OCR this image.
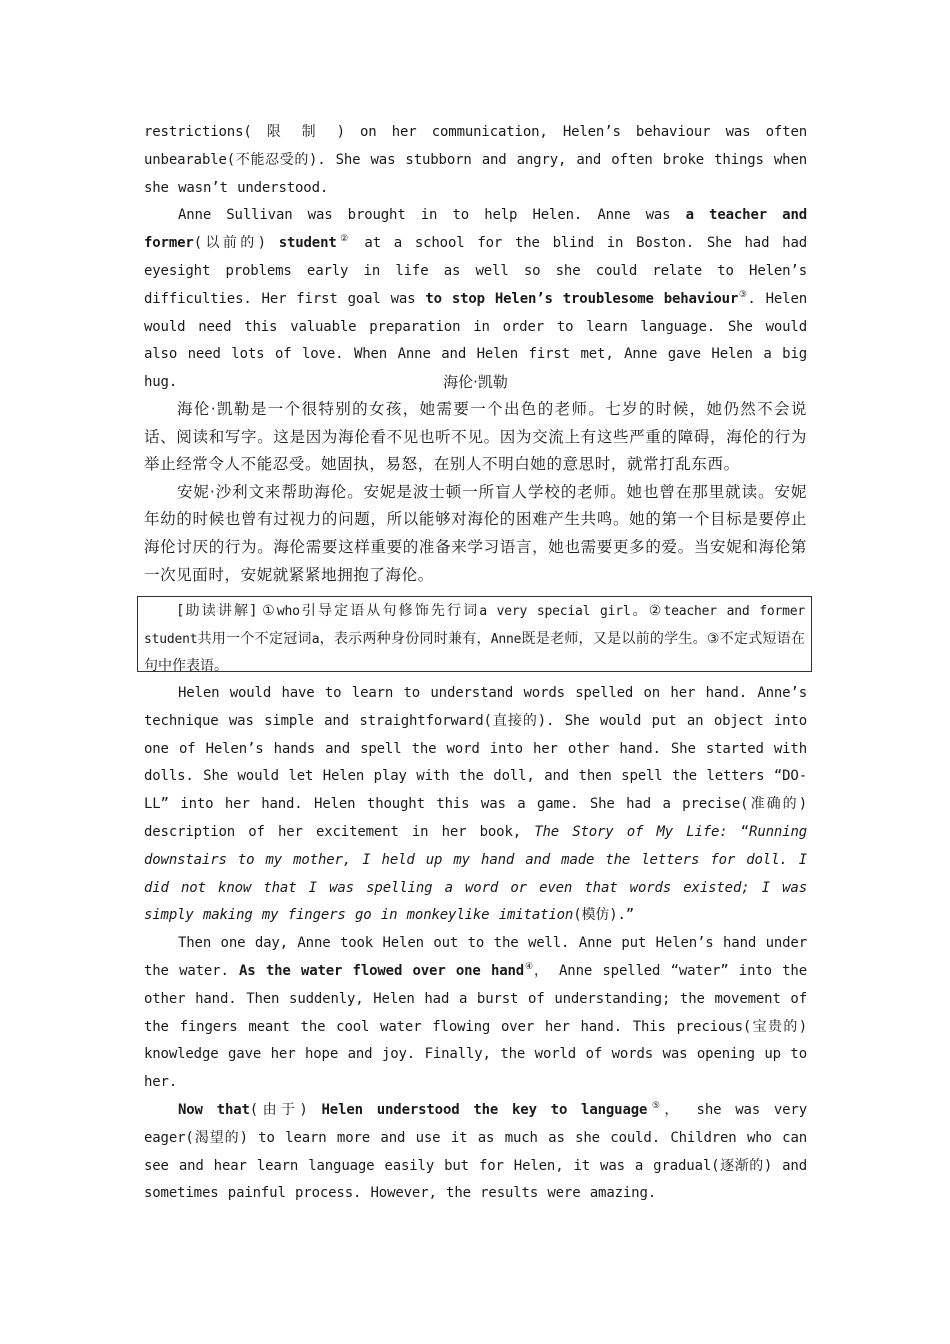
restrictions( 限 制 ) on her communication, Helen’s behaviour was often unbearable(不能忍受的). She was stubborn and angry, and often broke things when she wasn’t understood.

Anne Sullivan was brought in to help Helen. Anne was a teacher and former(以前的) student② at a school for the blind in Boston. She had had eyesight problems early in life as well so she could relate to Helen’s difficulties. Her first goal was to stop Helen’s troublesome behaviour③. Helen would need this valuable preparation in order to learn language. She would also need lots of love. When Anne and Helen first met, Anne gave Helen a big hug.	海伦·凯勒

海伦·凯勒是一个很特别的女孩，她需要一个出色的老师。七岁的时候，她仍然不会说话、阅读和写字。这是因为海伦看不见也听不见。因为交流上有这些严重的障碍，海伦的行为举止经常令人不能忍受。她固执，易怒，在别人不明白她的意思时，就常打乱东西。

安妮·沙利文来帮助海伦。安妮是波士顿一所盲人学校的老师。她也曾在那里就读。安妮年幼的时候也曾有过视力的问题，所以能够对海伦的困难产生共鸣。她的第一个目标是要停止海伦讨厌的行为。海伦需要这样重要的准备来学习语言，她也需要更多的爱。当安妮和海伦第一次见面时，安妮就紧紧地拥抱了海伦。

[助读讲解] ①who引导定语从句修饰先行词a very special girl。②teacher and former student共用一个不定冠词a，表示两种身份同时兼有，Anne既是老师，又是以前的学生。③不定式短语在句中作表语。

Helen would have to learn to understand words spelled on her hand. Anne’s technique was simple and straightforward(直接的). She would put an object into one of Helen’s hands and spell the word into her other hand. She started with dolls. She would let Helen play with the doll, and then spell the letters “DO-LL” into her hand. Helen thought this was a game. She had a precise(准确的) description of her excitement in her book, The Story of My Life: “Running downstairs to my mother, I held up my hand and made the letters for doll. I did not know that I was spelling a word or even that words existed; I was simply making my fingers go in monkeylike imitation(模仿).”

Then one day, Anne took Helen out to the well. Anne put Helen’s hand under the water. As the water flowed over one hand④， Anne spelled “water” into the other hand. Then suddenly, Helen had a burst of understanding; the movement of the fingers meant the cool water flowing over her hand. This precious(宝贵的) knowledge gave her hope and joy. Finally, the world of words was opening up to her.

Now that(由于) Helen understood the key to language⑤， she was very eager(渴望的) to learn more and use it as much as she could. Children who can see and hear learn language easily but for Helen, it was a gradual(逐渐的) and sometimes painful process. However, the results were amazing.
